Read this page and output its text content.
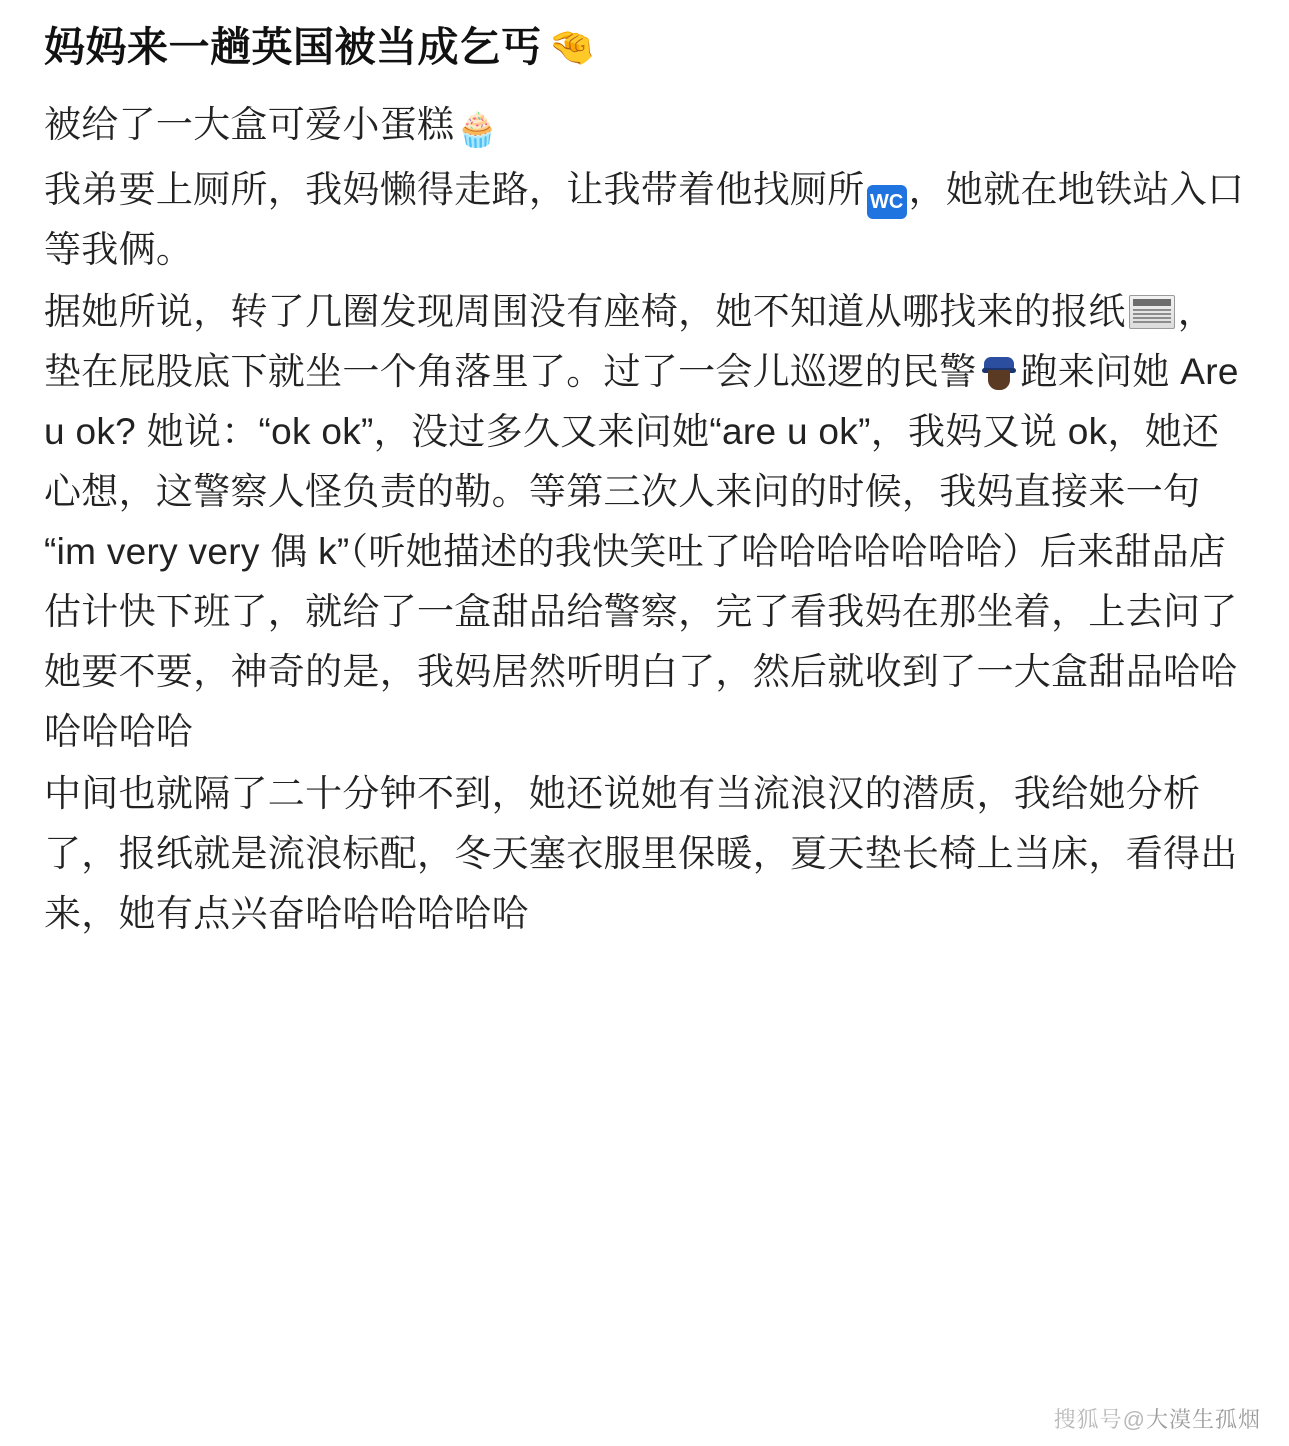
妈妈来一趟英国被当成乞丐 🤏

被给了一大盒可爱小蛋糕🧁

我弟要上厕所，我妈懒得走路，让我带着他找厕所 WC ，她就在地铁站入口等我俩。

据她所说，转了几圈发现周围没有座椅，她不知道从哪找来的报纸 ，垫在屁股底下就坐一个角落里了。过了一会儿巡逻的民警 跑来问她 Are u ok? 她说：“ok ok”，没过多久又来问她“are u ok”，我妈又说 ok，她还心想，这警察人怪负责的勒。等第三次人来问的时候，我妈直接来一句“im very very 偶 k”（听她描述的我快笑吐了哈哈哈哈哈哈哈）后来甜品店估计快下班了，就给了一盒甜品给警察，完了看我妈在那坐着，上去问了她要不要，神奇的是，我妈居然听明白了，然后就收到了一大盒甜品哈哈哈哈哈哈

中间也就隔了二十分钟不到，她还说她有当流浪汉的潜质，我给她分析了，报纸就是流浪标配，冬天塞衣服里保暖，夏天垫长椅上当床，看得出来，她有点兴奋哈哈哈哈哈哈

搜狐号@大漠生孤烟
